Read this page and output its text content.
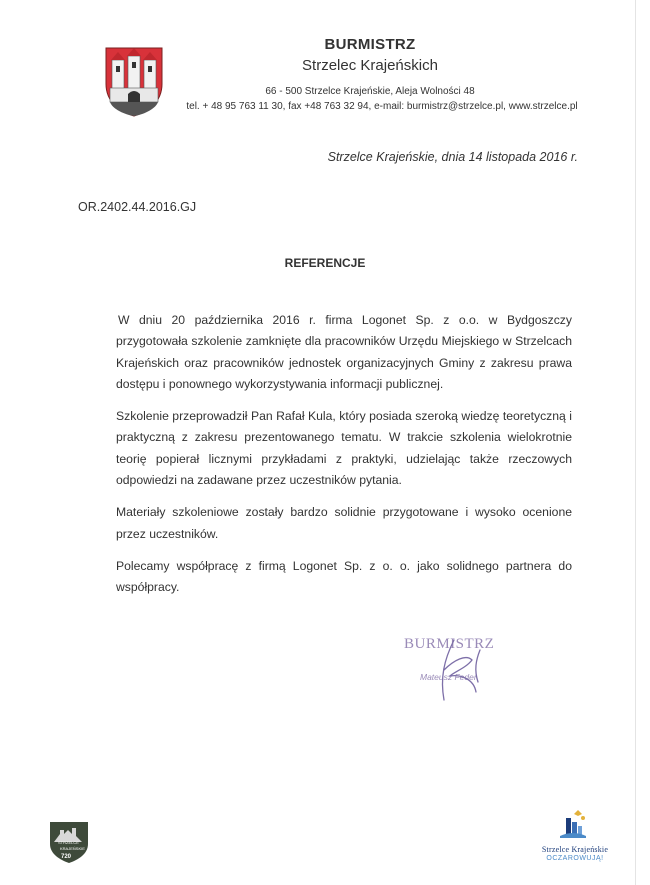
BURMISTRZ
Strzelec Krajeńskich
66 - 500 Strzelce Krajeńskie, Aleja Wolności 48
tel. + 48 95 763 11 30, fax +48 763 32 94, e-mail: burmistrz@strzelce.pl, www.strzelce.pl
Strzelce Krajeńskie, dnia 14 listopada 2016 r.
OR.2402.44.2016.GJ
REFERENCJE

W dniu 20 października 2016 r. firma Logonet Sp. z o.o. w Bydgoszczy przygotowała szkolenie zamknięte dla pracowników Urzędu Miejskiego w Strzelcach Krajeńskich oraz pracowników jednostek organizacyjnych Gminy z zakresu prawa dostępu i ponownego wykorzystywania informacji publicznej.

Szkolenie przeprowadził Pan Rafał Kula, który posiada szeroką wiedzę teoretyczną i praktyczną z zakresu prezentowanego tematu. W trakcie szkolenia wielokrotnie teorię popierał licznymi przykładami z praktyki, udzielając także rzeczowych odpowiedzi na zadawane przez uczestników pytania.

Materiały szkoleniowe zostały bardzo solidnie przygotowane i wysoko ocenione przez uczestników.

Polecamy współpracę z firmą Logonet Sp. z o. o. jako solidnego partnera do współpracy.

BURMISTRZ
Mateusz Feder
STRZELCE
KRAJEŃSKIE
720
Strzelce Krajeńskie
OCZAROWUJĄ!
